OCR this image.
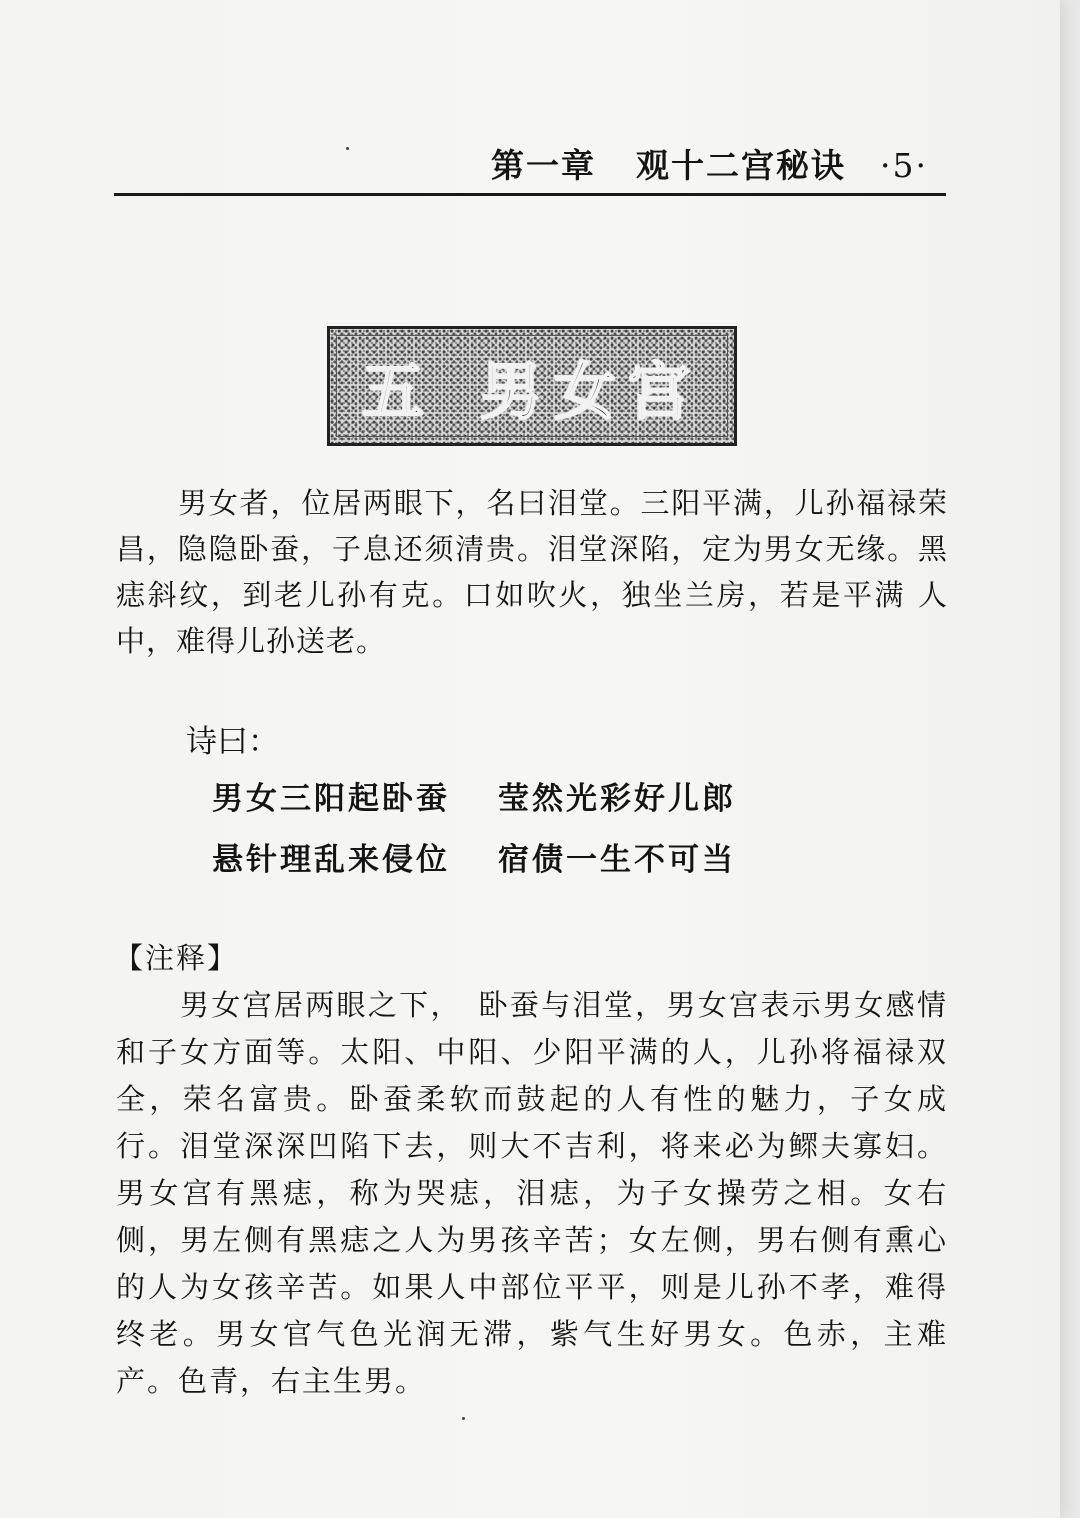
第一章 观十二宫秘诀 ·5·
五 男女宫
男女者，位居两眼下，名曰泪堂。三阳平满，儿孙福禄荣昌，隐隐卧蚕，子息还须清贵。泪堂深陷，定为男女无缘。黑痣斜纹，到老儿孙有克。口如吹火，独坐兰房，若是平满 人中，难得儿孙送老。
诗曰：
男女三阳起卧蚕 莹然光彩好儿郎
悬针理乱来侵位 宿债一生不可当
【注释】
男女宫居两眼之下，　卧蚕与泪堂，男女宫表示男女感情和子女方面等。太阳、中阳、少阳平满的人，儿孙将福禄双全，荣名富贵。卧蚕柔软而鼓起的人有性的魅力，子女成行。泪堂深深凹陷下去，则大不吉利，将来必为鳏夫寡妇。男女宫有黑痣，称为哭痣，泪痣，为子女操劳之相。女右侧，男左侧有黑痣之人为男孩辛苦；女左侧，男右侧有熏心的人为女孩辛苦。如果人中部位平平，则是儿孙不孝，难得终老。男女官气色光润无滞，紫气生好男女。色赤，主难产。色青，右主生男。
